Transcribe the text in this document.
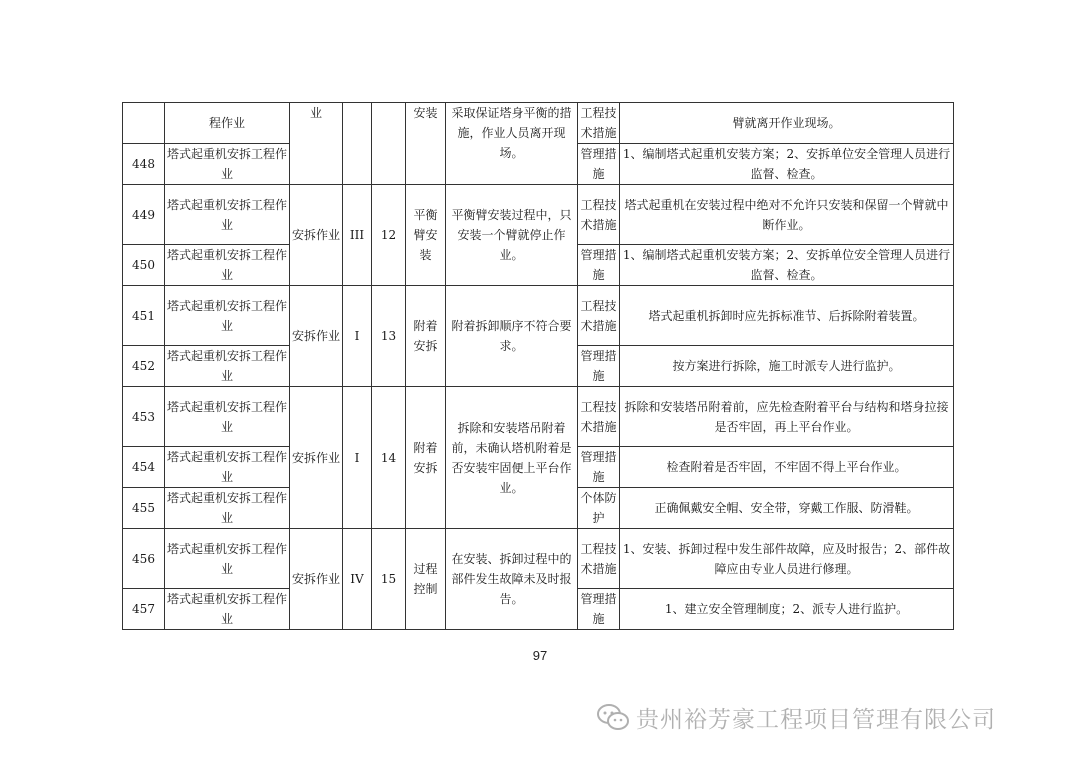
	程作业	业			安装	采取保证塔身平衡的措施，作业人员离开现场。	工程技术措施	臂就离开作业现场。
448	塔式起重机安拆工程作业						管理措施	1、编制塔式起重机安装方案；2、安拆单位安全管理人员进行监督、检查。
449	塔式起重机安拆工程作业	安拆作业	III	12	平衡臂安装	平衡臂安装过程中，只安装一个臂就停止作业。	工程技术措施	塔式起重机在安装过程中绝对不允许只安装和保留一个臂就中断作业。
450	塔式起重机安拆工程作业						管理措施	1、编制塔式起重机安装方案；2、安拆单位安全管理人员进行监督、检查。
451	塔式起重机安拆工程作业	安拆作业	I	13	附着安拆	附着拆卸顺序不符合要求。	工程技术措施	塔式起重机拆卸时应先拆标准节、后拆除附着装置。
452	塔式起重机安拆工程作业						管理措施	按方案进行拆除，施工时派专人进行监护。
453	塔式起重机安拆工程作业	安拆作业	I	14	附着安拆	拆除和安装塔吊附着前，未确认塔机附着是否安装牢固便上平台作业。	工程技术措施	拆除和安装塔吊附着前，应先检查附着平台与结构和塔身拉接是否牢固，再上平台作业。
454	塔式起重机安拆工程作业						管理措施	检查附着是否牢固，不牢固不得上平台作业。
455	塔式起重机安拆工程作业						个体防护	正确佩戴安全帽、安全带，穿戴工作服、防滑鞋。
456	塔式起重机安拆工程作业	安拆作业	IV	15	过程控制	在安装、拆卸过程中的部件发生故障未及时报告。	工程技术措施	1、安装、拆卸过程中发生部件故障，应及时报告；2、部件故障应由专业人员进行修理。
457	塔式起重机安拆工程作业						管理措施	1、建立安全管理制度；2、派专人进行监护。
97
贵州裕芳豪工程项目管理有限公司
